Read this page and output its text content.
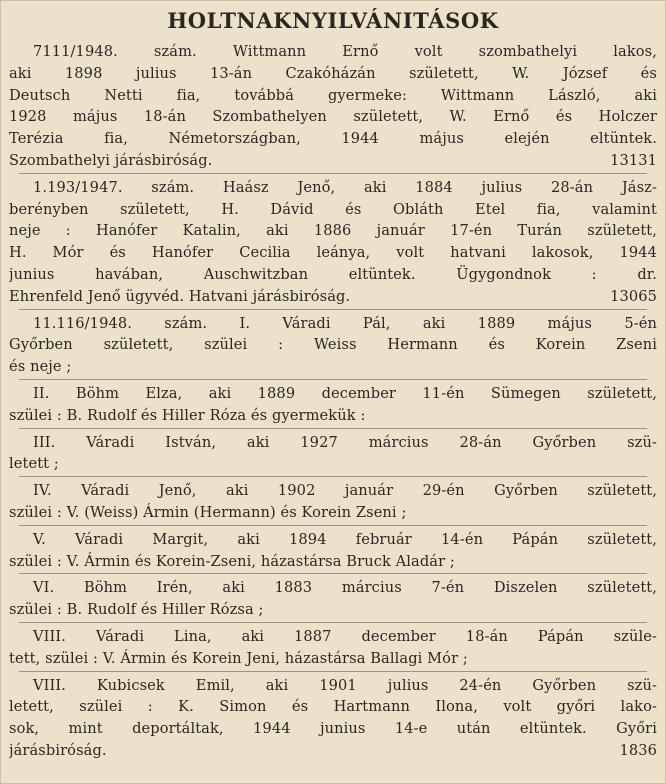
HOLTNAKNYILVÁNITÁSOK
7111/1948. szám. Wittmann Ernő volt szombathelyi lakos,
aki 1898 julius 13-án Czakóházán született, W. József és
Deutsch Netti fia, továbbá gyermeke: Wittmann László, aki
1928 május 18-án Szombathelyen született, W. Ernő és Holczer
Terézia fia, Németországban, 1944 május elején eltüntek.
Szombathelyi járásbiróság.	13131
1.193/1947. szám. Haász Jenő, aki 1884 julius 28-án Jász-
berényben született, H. Dávid és Obláth Etel fia, valamint
neje : Hanófer Katalin, aki 1886 január 17-én Turán született,
H. Mór és Hanófer Cecilia leánya, volt hatvani lakosok, 1944
junius havában, Auschwitzban eltüntek. Ügygondnok : dr.
Ehrenfeld Jenő ügyvéd. Hatvani járásbiróság.	13065
11.116/1948. szám. I. Váradi Pál, aki 1889 május 5-én
Győrben született, szülei : Weiss Hermann és Korein Zseni
és neje ;
II. Böhm Elza, aki 1889 december 11-én Sümegen született,
szülei : B. Rudolf és Hiller Róza és gyermekük :
III. Váradi István, aki 1927 március 28-án Győrben szü-
letett ;
IV. Váradi Jenő, aki 1902 január 29-én Győrben született,
szülei : V. (Weiss) Ármin (Hermann) és Korein Zseni ;
V. Váradi Margit, aki 1894 február 14-én Pápán született,
szülei : V. Ármin és Korein-Zseni, házastársa Bruck Aladár ;
VI. Böhm Irén, aki 1883 március 7-én Diszelen született,
szülei : B. Rudolf és Hiller Rózsa ;
VIII. Váradi Lina, aki 1887 december 18-án Pápán szüle-
tett, szülei : V. Ármin és Korein Jeni, házastársa Ballagi Mór ;
VIII. Kubicsek Emil, aki 1901 julius 24-én Győrben szü-
letett, szülei : K. Simon és Hartmann Ilona, volt győri lako-
sok, mint deportáltak, 1944 junius 14-e után eltüntek. Győri
járásbiróság.	1836
